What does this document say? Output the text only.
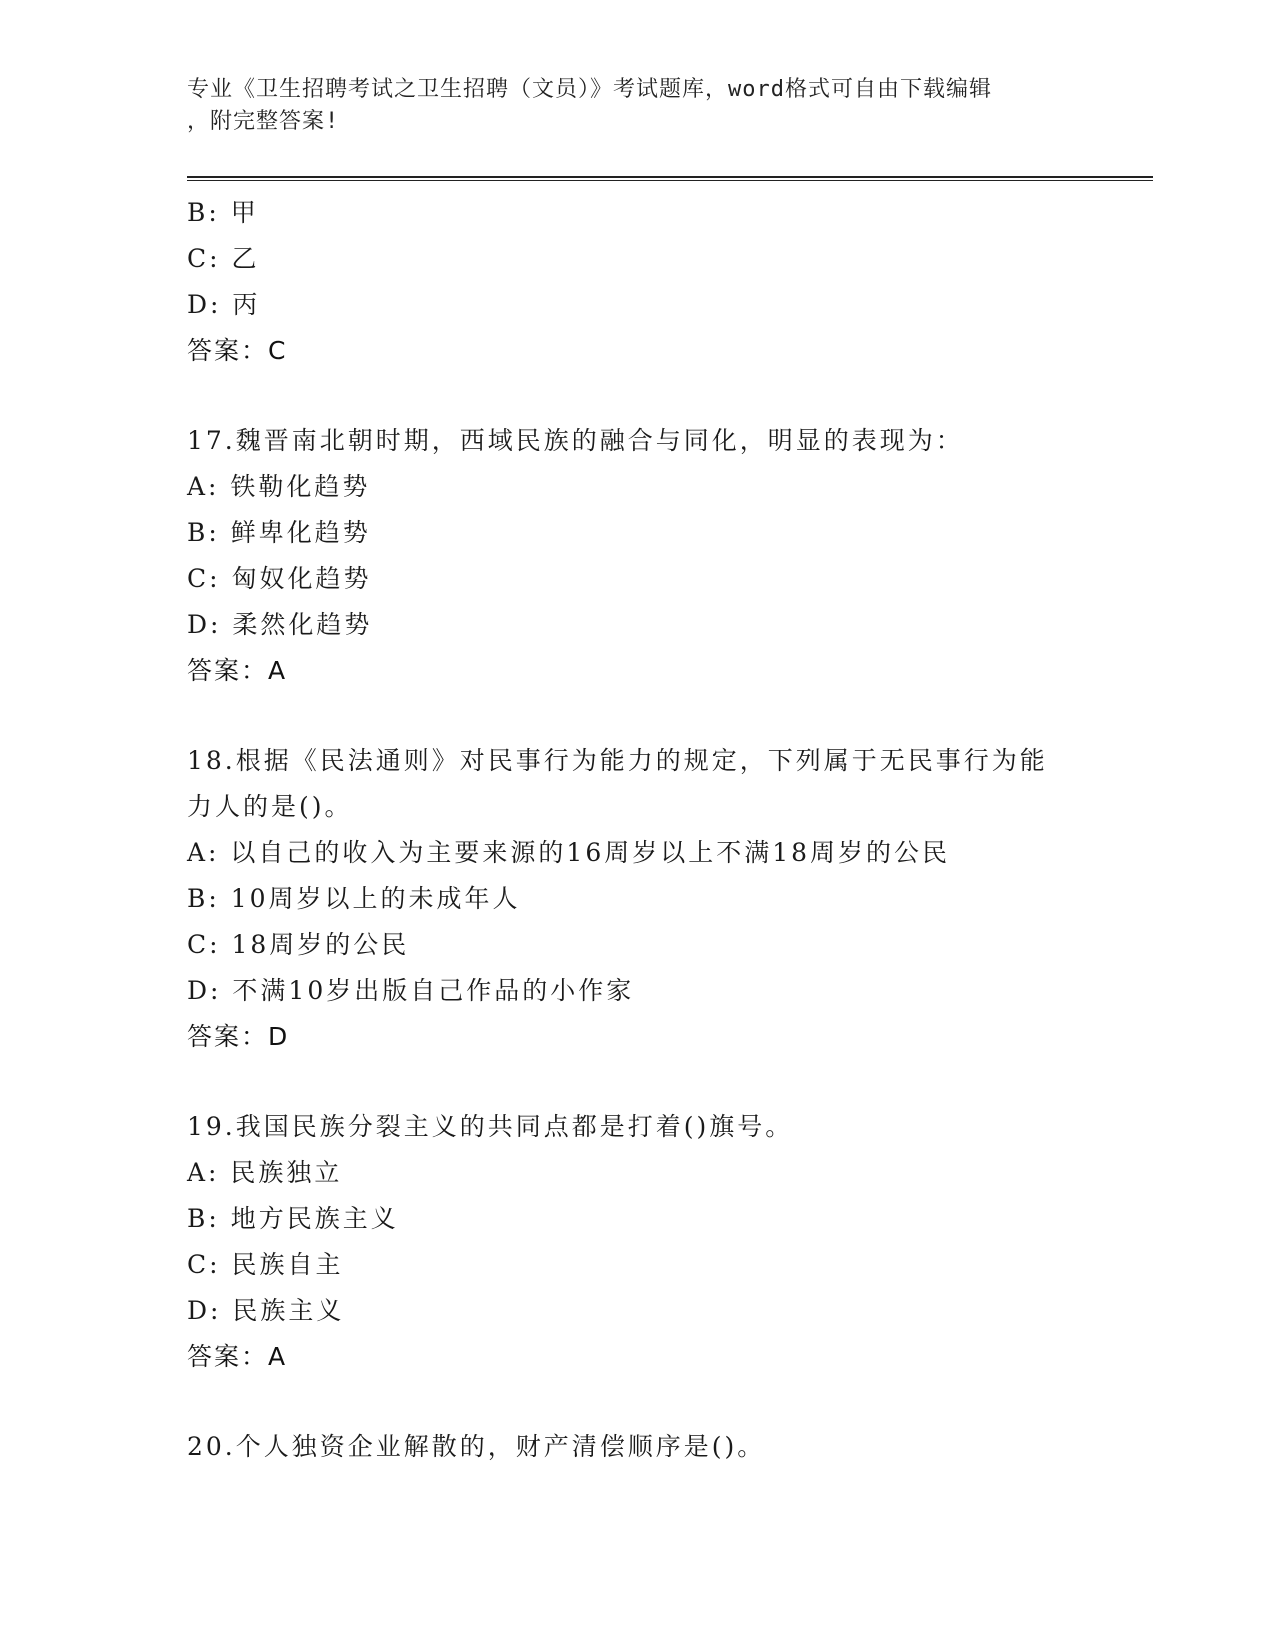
专业《卫生招聘考试之卫生招聘（文员）》考试题库，word格式可自由下载编辑
，附完整答案!
B: 甲
C: 乙
D: 丙
答案：C
17.魏晋南北朝时期，西域民族的融合与同化，明显的表现为：
A: 铁勒化趋势
B: 鲜卑化趋势
C: 匈奴化趋势
D: 柔然化趋势
答案：A
18.根据《民法通则》对民事行为能力的规定，下列属于无民事行为能
力人的是()。
A: 以自己的收入为主要来源的16周岁以上不满18周岁的公民
B: 10周岁以上的未成年人
C: 18周岁的公民
D: 不满10岁出版自己作品的小作家
答案：D
19.我国民族分裂主义的共同点都是打着()旗号。
A: 民族独立
B: 地方民族主义
C: 民族自主
D: 民族主义
答案：A
20.个人独资企业解散的，财产清偿顺序是()。
